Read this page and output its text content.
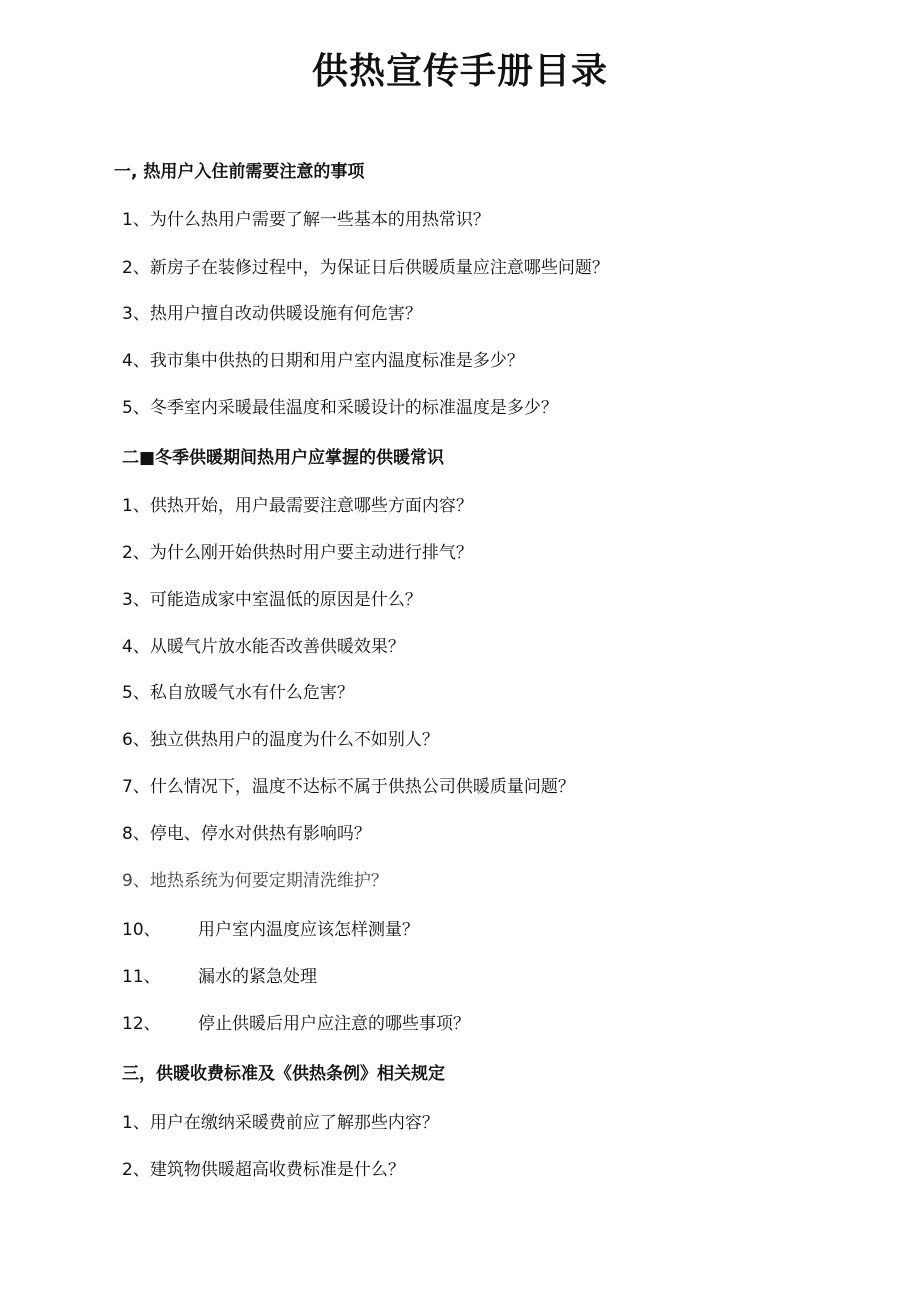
供热宣传手册目录
一, 热用户入住前需要注意的事项
1、为什么热用户需要了解一些基本的用热常识？
2、新房子在装修过程中，为保证日后供暖质量应注意哪些问题？
3、热用户擅自改动供暖设施有何危害？
4、我市集中供热的日期和用户室内温度标准是多少？
5、冬季室内采暖最佳温度和采暖设计的标准温度是多少？
二■冬季供暖期间热用户应掌握的供暖常识
1、供热开始，用户最需要注意哪些方面内容？
2、为什么刚开始供热时用户要主动进行排气？
3、可能造成家中室温低的原因是什么？
4、从暖气片放水能否改善供暖效果？
5、私自放暖气水有什么危害？
6、独立供热用户的温度为什么不如别人？
7、什么情况下，温度不达标不属于供热公司供暖质量问题？
8、停电、停水对供热有影响吗？
9、地热系统为何要定期清洗维护？
10、 用户室内温度应该怎样测量？
11、 漏水的紧急处理
12、 停止供暖后用户应注意的哪些事项？
三，供暖收费标准及《供热条例》相关规定
1、用户在缴纳采暖费前应了解那些内容？
2、建筑物供暖超高收费标准是什么？
